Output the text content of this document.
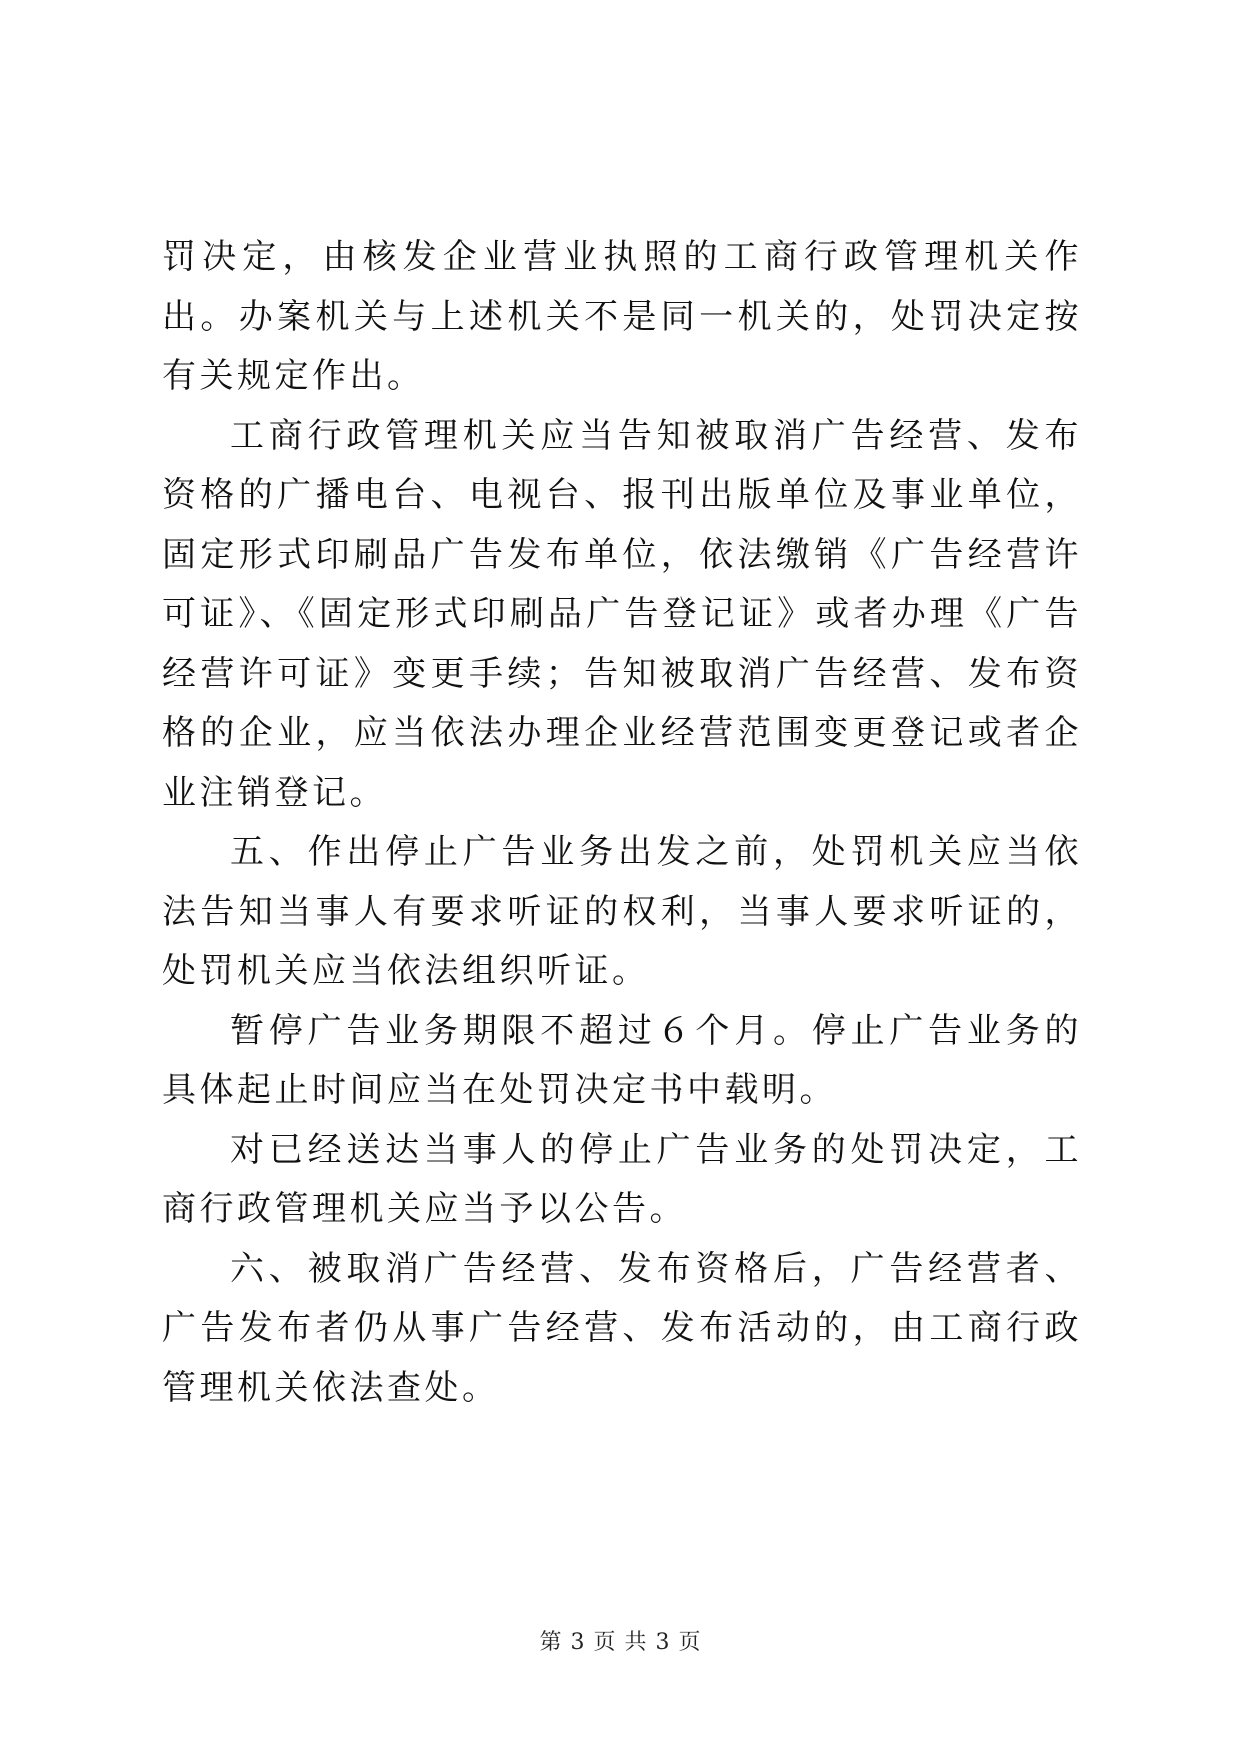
罚决定，由核发企业营业执照的工商行政管理机关作出。办案机关与上述机关不是同一机关的，处罚决定按有关规定作出。

工商行政管理机关应当告知被取消广告经营、发布资格的广播电台、电视台、报刊出版单位及事业单位，固定形式印刷品广告发布单位，依法缴销《广告经营许可证》、《固定形式印刷品广告登记证》或者办理《广告经营许可证》变更手续；告知被取消广告经营、发布资格的企业，应当依法办理企业经营范围变更登记或者企业注销登记。

五、作出停止广告业务出发之前，处罚机关应当依法告知当事人有要求听证的权利，当事人要求听证的，处罚机关应当依法组织听证。

暂停广告业务期限不超过６个月。停止广告业务的具体起止时间应当在处罚决定书中载明。

对已经送达当事人的停止广告业务的处罚决定，工商行政管理机关应当予以公告。

六、被取消广告经营、发布资格后，广告经营者、广告发布者仍从事广告经营、发布活动的，由工商行政管理机关依法查处。

第 3 页 共 3 页
